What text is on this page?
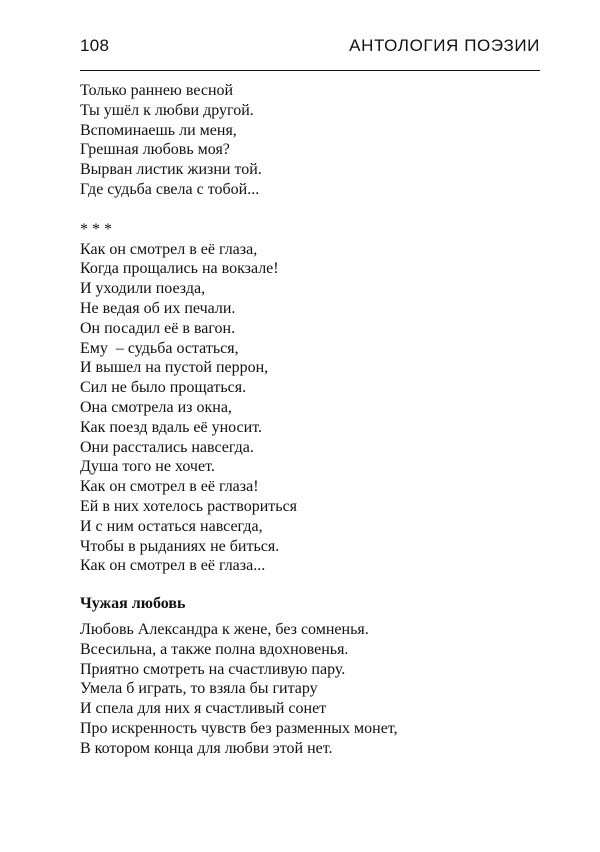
108	АНТОЛОГИЯ ПОЭЗИИ
Только раннею весной
Ты ушёл к любви другой.
Вспоминаешь ли меня,
Грешная любовь моя?
Вырван листик жизни той.
Где судьба свела с тобой...
* * *
Как он смотрел в её глаза,
Когда прощались на вокзале!
И уходили поезда,
Не ведая об их печали.
Он посадил её в вагон.
Ему  – судьба остаться,
И вышел на пустой перрон,
Сил не было прощаться.
Она смотрела из окна,
Как поезд вдаль её уносит.
Они расстались навсегда.
Душа того не хочет.
Как он смотрел в её глаза!
Ей в них хотелось раствориться
И с ним остаться навсегда,
Чтобы в рыданиях не биться.
Как он смотрел в её глаза...
Чужая любовь
Любовь Александра к жене, без сомненья.
Всесильна, а также полна вдохновенья.
Приятно смотреть на счастливую пару.
Умела б играть, то взяла бы гитару
И спела для них я счастливый сонет
Про искренность чувств без разменных монет,
В котором конца для любви этой нет.
